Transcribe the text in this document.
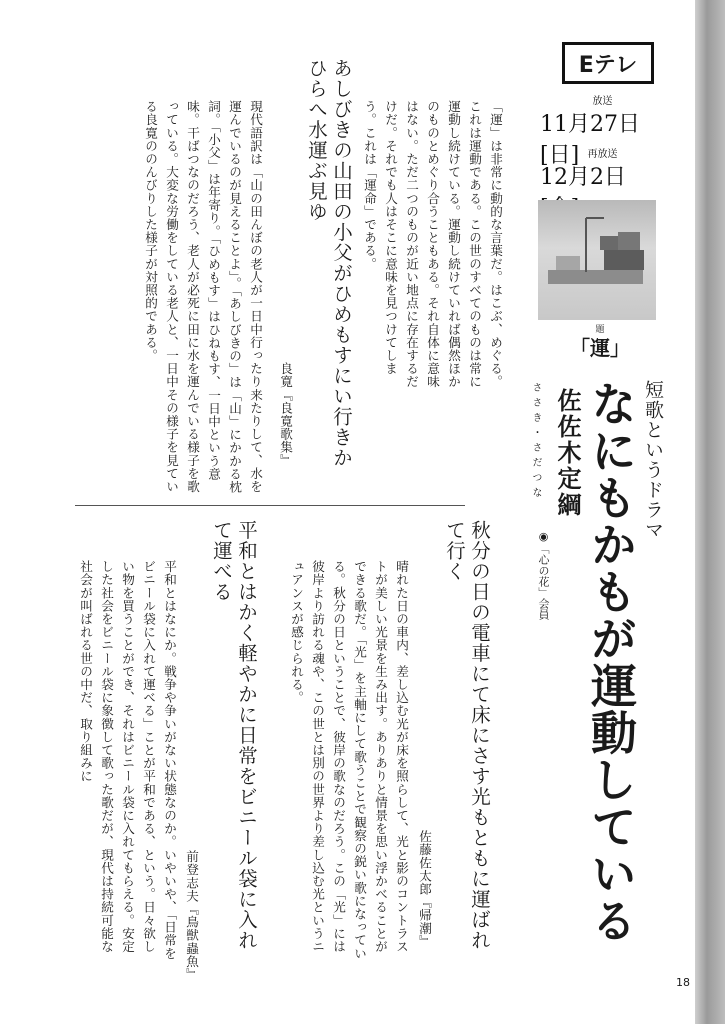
Eテレ
放送
11月27日[日] 再放送
12月2日
題
「運」
短歌というドラマ
なにもかもが運動している
佐佐木定綱
ささき・さだつな
◉「心の花」会員
「運」は非常に動的な言葉だ。はこぶ、めぐる。これは運動である。この世のすべてのものは常に運動し続けている。運動し続けていれば偶然ほかのものとめぐり合うこともある。それ自体に意味はない。ただ二つのものが近い地点に存在するだけだ。それでも人はそこに意味を見つけてしまう。これは「運命」である。
あしびきの山田の小父がひめもすにい行きかひらへ水運ぶ見ゆ
良寛『良寛歌集』
現代語訳は「山の田んぼの老人が一日中行ったり来たりして、水を運んでいるのが見えることよ」。「あしびきの」は「山」にかかる枕詞。「小父」は年寄り。「ひめもす」はひねもす、一日中という意味。干ばつなのだろう、老人が必死に田に水を運んでいる様子を歌っている。大変な労働をしている老人と、一日中その様子を見ている良寛ののんびりした様子が対照的である。
秋分の日の電車にて床にさす光もともに運ばれて行く
佐藤佐太郎『帰潮』
晴れた日の車内、差し込む光が床を照らして、光と影のコントラストが美しい光景を生み出す。ありありと情景を思い浮かべることができる歌だ。「光」を主軸にして歌うことで観察の鋭い歌になっている。秋分の日ということで、彼岸の歌なのだろう。この「光」には彼岸より訪れる魂や、この世とは別の世界より差し込む光というニュアンスが感じられる。
平和とはかく軽やかに日常をビニール袋に入れて運べる
前登志夫『鳥獣蟲魚』
平和とはなにか。戦争や争いがない状態なのか。いやいや、「日常をビニール袋に入れて運べる」ことが平和である、という。日々欲しい物を買うことができ、それはビニール袋に入れてもらえる。安定した社会をビニール袋に象徴して歌った歌だが、現代は持続可能な社会が叫ばれる世の中だ、取り組みに
18
